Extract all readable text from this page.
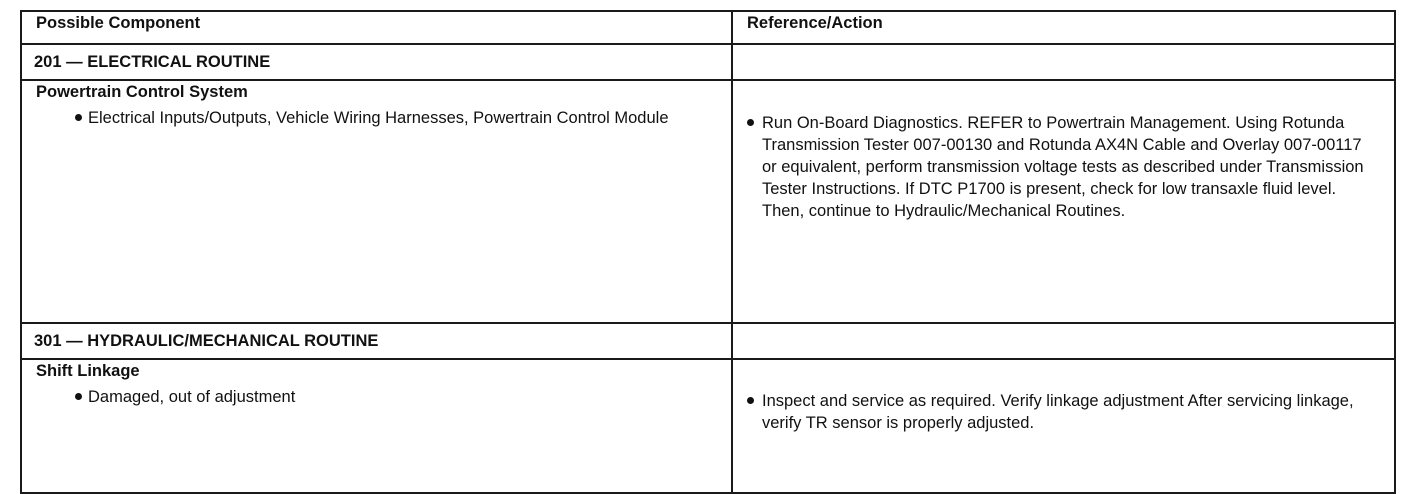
Possible Component	Reference/Action
201 — ELECTRICAL ROUTINE	

Powertrain Control System
Electrical Inputs/Outputs, Vehicle Wiring Harnesses, Powertrain Control Module	Run On-Board Diagnostics. REFER to Powertrain Management. Using Rotunda Transmission Tester 007-00130 and Rotunda AX4N Cable and Overlay 007-00117 or equivalent, perform transmission voltage tests as described under Transmission Tester Instructions. If DTC P1700 is present, check for low transaxle fluid level. Then, continue to Hydraulic/Mechanical Routines.

301 — HYDRAULIC/MECHANICAL ROUTINE	

Shift Linkage
Damaged, out of adjustment	Inspect and service as required. Verify linkage adjustment After servicing linkage, verify TR sensor is properly adjusted.
